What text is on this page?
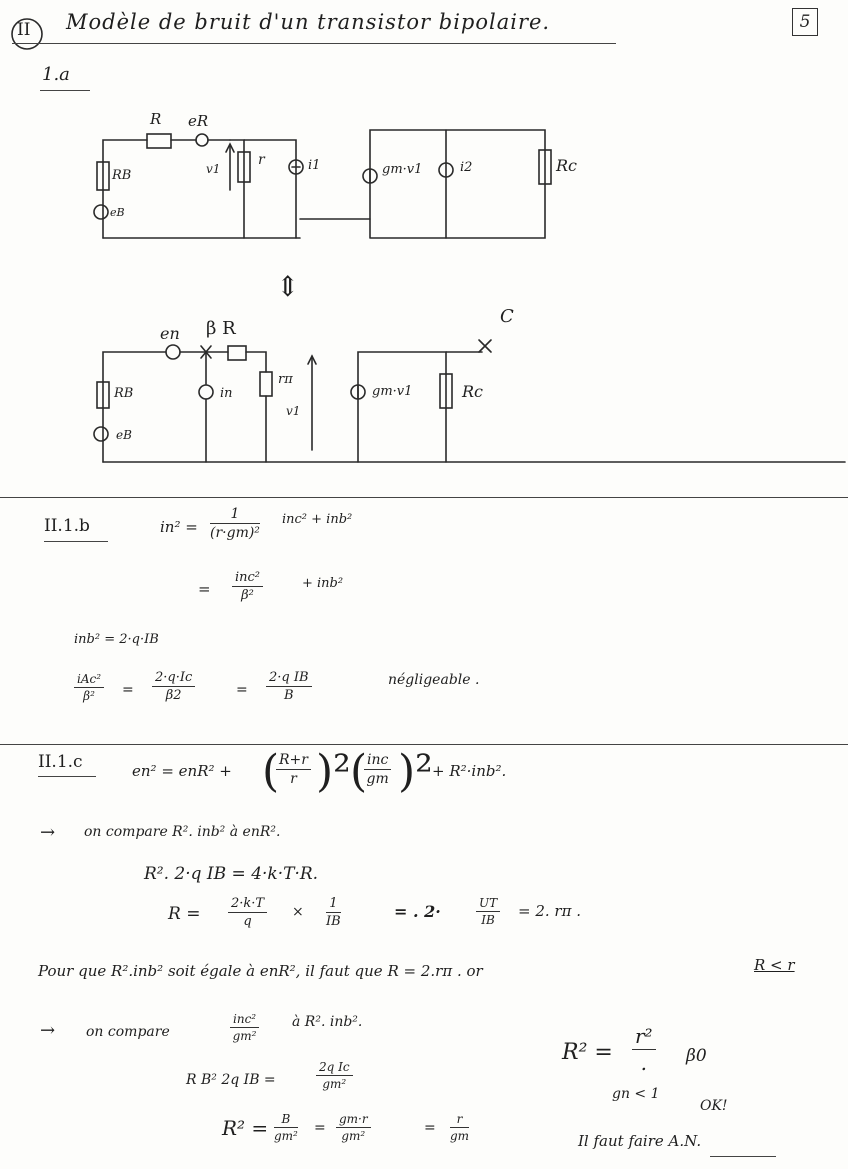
II Modèle de bruit d'un transistor bipolaire.	5
1.a
R eR
v1
r	i1	gm·v1	i2	Rc
RB
eB
⇕
en β R
C
RB	in
rπ
v1
gm·v1	Rc
eB
II.1.b	$in^2 = \frac{1}{\text{(r·gm)²}} inc^2 + inb^2$
=
inc²
β²
+ inb²
inb² = 2·q·IB
iAc²
β²	= $\frac{2\cdot q\cdot Ic}{\beta 2}$	= $\frac{\text{2·q IB}}{B}$	négligeable .
II.1.c	en² = enR² + (
$\frac{R+r}{r} )^2$ ( inc
gm )² + R²·inb².
→ on compare R². inb² à enR².
R². 2·q IB = 4·k·T·R.
$R = \frac{2\cdot k\cdot T}{q} \times \frac{1}{IB}$	= . 2·	$\frac{UT}{IB} = 2$. rπ .
Pour que R².inb² soit égale à enR², il faut que R = 2.rπ . or	R < r
→ on compare
inc²
gm²
à R². inb².
R B² 2q IB =	$\frac{\text{2q Ic}}{\text{gm²}}$
$R^2 = \frac{B}{\text{gm²}} = \frac{gm\cdot r}{\text{gm²}}$	= $\frac{r}{gm}$
R² =
r²
.	β0
gn < 1
OK!
Il faut faire A.N.
